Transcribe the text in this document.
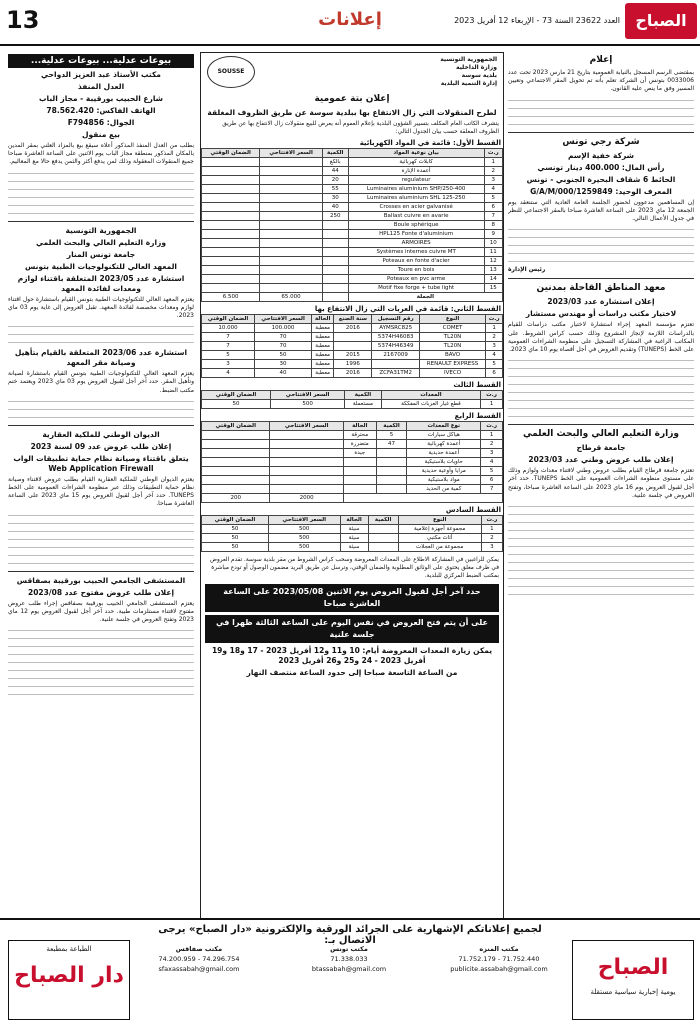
13	إعلانات	العدد 23622 السنة 73 - الإربعاء 12 أفريل 2023 الصباح
إعلام

بمقتضى الرسم المسجل بالنيابة العمومية بتاريخ 21 مارس 2023 تحت عدد 0033006 بتونس أن الشركة تعلم بأنه تم تحويل المقر الاجتماعي وتعيين المسير وفق ما ينص عليه القانون.

شركة رجي تونس
شركة خفية الإسم
رأس المال: 400.000 دينار تونسي
الحائط 6 شقاف البحيرة الجنوبي - تونس
المعرف الوحيد: 1259849/G/A/M/000

إن المساهمين مدعوون لحضور الجلسة العامة العادية التي ستنعقد يوم الجمعة 12 ماي 2023 على الساعة العاشرة صباحا بالمقر الاجتماعي للنظر في جدول الأعمال التالي.

رئيس الإدارة

معهد المناطق القاحلة بمدنين
إعلان استشارة عدد 2023/03
لاختيار مكتب دراسات أو مهندس مستشار

تعتزم مؤسسة المعهد إجراء استشارة لاختيار مكتب دراسات للقيام بالدراسات اللازمة لإنجاز المشروع وذلك حسب كراس الشروط. على المكاتب الراغبة في المشاركة التسجيل على منظومة الشراءات العمومية على الخط (TUNEPS) وتقديم العروض في أجل أقصاه يوم 10 ماي 2023.

وزارة التعليم العالي والبحث العلمي
جامعة قرطاج
إعلان طلب عروض وطني عدد 2023/03

تعتزم جامعة قرطاج القيام بطلب عروض وطني لاقتناء معدات ولوازم وذلك على مستوى منظومة الشراءات العمومية على الخط TUNEPS. حدد آخر أجل لقبول العروض يوم 16 ماي 2023 على الساعة العاشرة صباحا، وتفتح العروض في جلسة علنية.

بيوعات عدلية... بيوعات عدلية...
مكتب الأستاذ عبد العزيز الدواحي
العدل المنفذ
شارع الحبيب بورقيبة - مجاز الباب
الهاتف الفاكس: 78.562.420
الجوال: F794856
بيع منقول

بطلب من العدل المنفذ المذكور أعلاه سيقع بيع بالمزاد العلني بمقر المدين بالمكان المذكور بمنطقة مجاز الباب يوم الاثنين على الساعة العاشرة صباحا جميع المنقولات المعقولة وذلك لمن يدفع أكثر والثمن يدفع حالا مع المعاليم.

الجمهورية التونسية
وزارة التعليم العالي والبحث العلمي
جامعة تونس المنار
المعهد العالي للتكنولوجيات الطبية بتونس
استشارة عدد 2023/05 المتعلقة باقتناء لوازم ومعدات لفائدة المعهد

يعتزم المعهد العالي للتكنولوجيات الطبية بتونس القيام باستشارة حول اقتناء لوازم ومعدات مخصصة لفائدة المعهد. تقبل العروض إلى غاية يوم 03 ماي 2023.

استشارة عدد 2023/06 المتعلقة بالقيام بتأهيل وصيانة مقر المعهد

يعتزم المعهد العالي للتكنولوجيات الطبية بتونس القيام باستشارة لصيانة وتأهيل المقر. حدد آخر أجل لقبول العروض يوم 03 ماي 2023 ويعتمد ختم مكتب الضبط.

الديوان الوطني للملكية العقارية
إعلان طلب عروض عدد 09 لسنة 2023
يتعلق باقتناء وصيانة نظام حماية تطبيقات الواب Web Application Firewall

يعتزم الديوان الوطني للملكية العقارية القيام بطلب عروض لاقتناء وصيانة نظام حماية التطبيقات وذلك عبر منظومة الشراءات العمومية على الخط TUNEPS. حدد آخر أجل لقبول العروض يوم 15 ماي 2023 على الساعة العاشرة صباحا.

المستشفى الجامعي الحبيب بورقيبة بصفاقس
إعلان طلب عروض مفتوح عدد 2023/08

يعتزم المستشفى الجامعي الحبيب بورقيبة بصفاقس إجراء طلب عروض مفتوح لاقتناء مستلزمات طبية. حدد آخر أجل لقبول العروض يوم 12 ماي 2023 وتفتح العروض في جلسة علنية.

الجمهورية التونسية
وزارة الداخلية
بلدية سوسة
إدارة التنمية البلدية
SOUSSE
إعلان بتة عمومية
لطرح المنقولات التي زال الانتفاع بها ببلدية سوسة عن طريق الظروف المغلقة

يتشرف الكاتب العام المكلف بتسيير الشؤون البلدية بإعلام العموم أنه يعرض للبيع منقولات زال الانتفاع بها عن طريق الظروف المغلقة حسب بيان الجدول التالي:

القسط الأول: قائمة في المواد الكهربائية
ر.ت	بيان نوعية المواد	الكمية	السعر الافتتاحي	الضمان الوقتي
1	كابلات كهربائية	بالكغ		
2	أعمدة الإنارة	44		
3	regulateur	20		
4	Luminaires aluminium SHP/250-400	55		
5	Luminaires aluminium SHL 125-250	30		
6	Crosses en acier galvanisé	40		
7	Ballast cuivre en avarie	250		
8	Boule sphérique			
9	HPL125 Fonte d'aluminium			
10	ARMOIRES			
11	Systèmes internes cuivre MT			
12	Poteaux en fonte d'acier			
13	Toure en bois			
14	Poteaux en pvc arme			
15	Motif fixe forge + tube light			
الجملة			65.000	6.500
القسط الثاني: قائمة في العربات التي زال الانتفاع بها
ر.ت	النوع	رقم التسجيل	سنة الصنع	الحالة	السعر الافتتاحي	الضمان الوقتي
1	COMET	AYMSRC825	2016	معطبة	100.000	10.000
2	TL20N	5374H46083		معطبة	70	7
3	TL20N	5374H46349		معطبة	70	7
4	BAVO	2167009	2015	معطبة	50	5
5	RENAULT EXPRESS		1996	معطبة	30	3
6	IVECO	ZCFA31TM2	2016	معطبة	40	4
القسط الثالث
ر.ت	المعدات	الكمية	السعر الافتتاحي	الضمان الوقتي
1	قطع غيار العربات المفككة	مستعملة	500	50
القسط الرابع
ر.ت	نوع المعدات	الكمية	الحالة	السعر الافتتاحي	الضمان الوقتي
1	هياكل سيارات	5	محترقة		
2	أعمدة كهربائية	47	متضررة		
3	أعمدة حديدية		جيدة		
4	حاويات بلاستيكية				
5	مرايا وأوعية حديدية				
6	مواد بلاستيكية				
7	كمية من الحديد				
				2000	200
القسط السادس
ر.ت	النوع	الكمية	الحالة	السعر الافتتاحي	الضمان الوقتي
1	مجموعة أجهزة إعلامية		سيئة	500	50
2	أثاث مكتبي		سيئة	500	50
3	مجموعة من العجلات		سيئة	500	50

يمكن للراغبين في المشاركة الاطلاع على المعدات المعروضة وسحب كراس الشروط من مقر بلدية سوسة. تقدم العروض في ظرف مغلق يحتوي على الوثائق المطلوبة والضمان الوقتي، وترسل عن طريق البريد مضمون الوصول أو تودع مباشرة بمكتب الضبط المركزي للبلدية.

حدد آخر أجل لقبول العروض يوم الاثنين 2023/05/08 على الساعة العاشرة صباحا
على أن يتم فتح العروض في نفس اليوم على الساعة الثالثة ظهرا في جلسة علنية
يمكن زيارة المعدات المعروضة أيام: 10 و11 و12 أفريل 2023 - 17 و18 و19 أفريل 2023 - 24 و25 و26 أفريل 2023
من الساعة التاسعة صباحا إلى حدود الساعة منتصف النهار
لجميع إعلاناتكم الإشهارية على الجرائد الورقية والإلكترونية «دار الصباح» يرجى الاتصال بـ:
مكتب المنزه
71.752.440 - 71.752.179
publicite.assabah@gmail.com
مكتب تونس
71.338.033
btassabah@gmail.com
مكتب صفاقس
74.296.754 - 74.200.959
sfaxassabah@gmail.com	الصباح
يومية إخبارية سياسية مستقلة
الطباعة بمطبعة
دار الصباح
